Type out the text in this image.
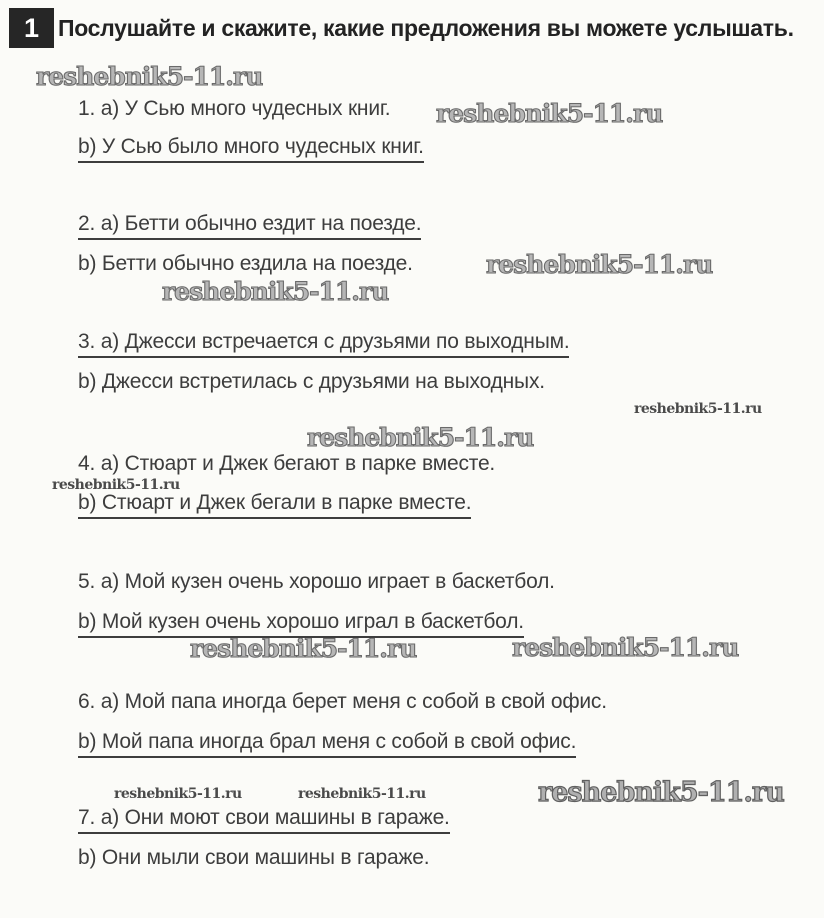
1 Послушайте и скажите, какие предложения вы можете услышать.
reshebnik5-11.ru
reshebnik5-11.ru
reshebnik5-11.ru
reshebnik5-11.ru
reshebnik5-11.ru
reshebnik5-11.ru
reshebnik5-11.ru
reshebnik5-11.ru	reshebnik5-11.ru
reshebnik5-11.ru	reshebnik5-11.ru	reshebnik5-11.ru
1. а) У Сью много чудесных книг.
b) У Сью было много чудесных книг.
2. а) Бетти обычно ездит на поезде.
b) Бетти обычно ездила на поезде.
3. а) Джесси встречается с друзьями по выходным.
b) Джесси встретилась с друзьями на выходных.
4. а) Стюарт и Джек бегают в парке вместе.
b) Стюарт и Джек бегали в парке вместе.
5. а) Мой кузен очень хорошо играет в баскетбол.
b) Мой кузен очень хорошо играл в баскетбол.
6. а) Мой папа иногда берет меня с собой в свой офис.
b) Мой папа иногда брал меня с собой в свой офис.
7. а) Они моют свои машины в гараже.
b) Они мыли свои машины в гараже.
